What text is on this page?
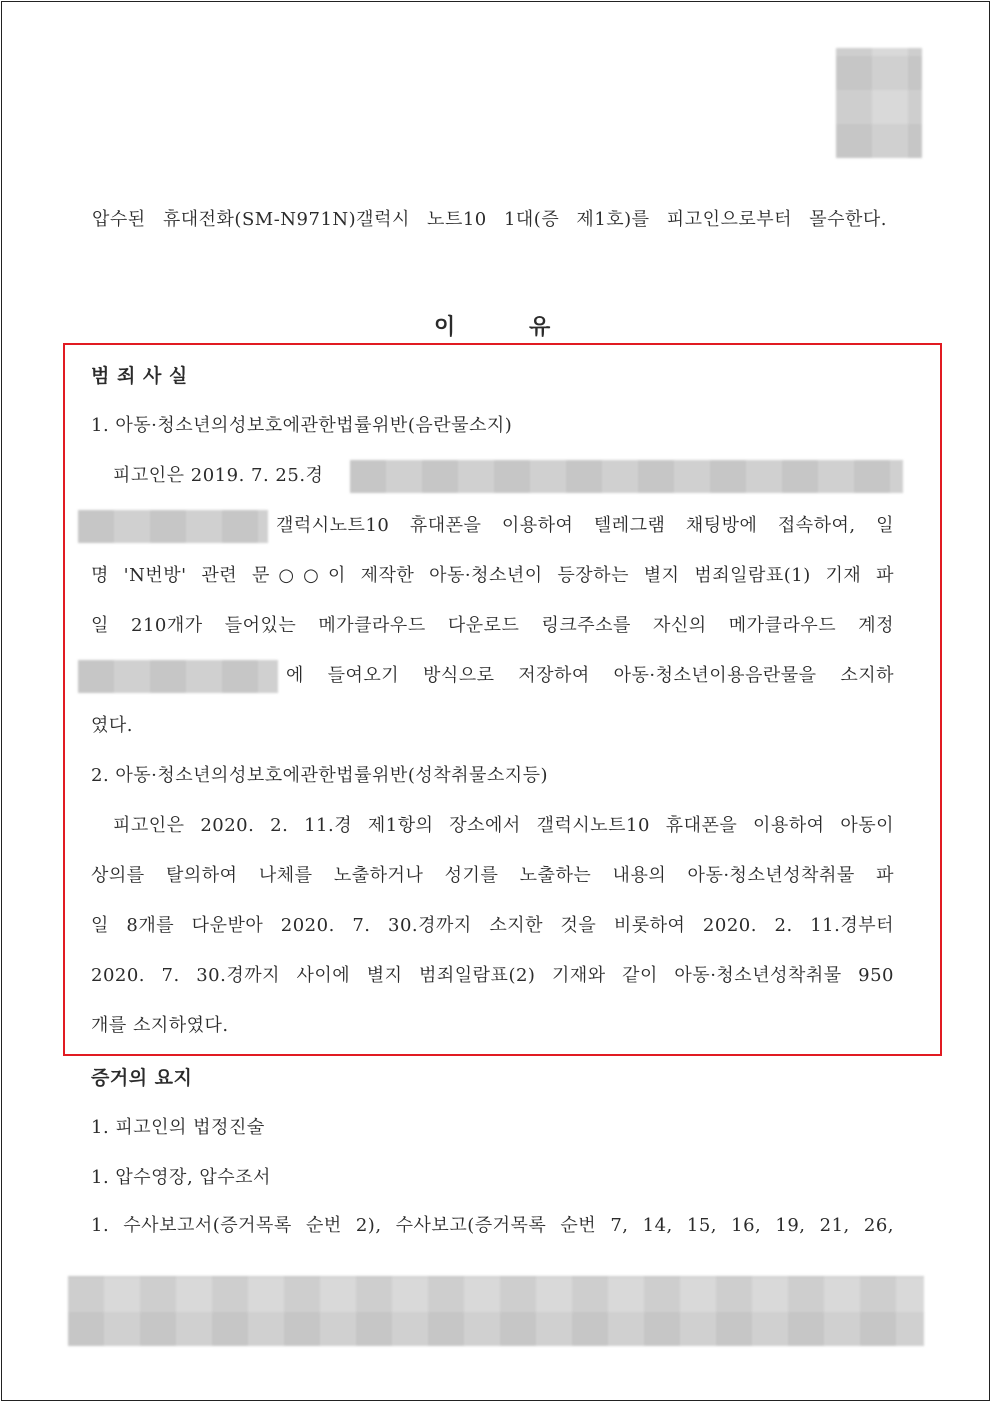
압수된 휴대전화(SM-N971N)갤럭시 노트10 1대(증 제1호)를 피고인으로부터 몰수한다.
이	유
범 죄 사 실
1. 아동·청소년의성보호에관한법률위반(음란물소지)
피고인은 2019. 7. 25.경
갤럭시노트10 휴대폰을 이용하여 텔레그램 채팅방에 접속하여, 일
명 'N번방' 관련 문○○이 제작한 아동·청소년이 등장하는 별지 범죄일람표(1) 기재 파
일 210개가 들어있는 메가클라우드 다운로드 링크주소를 자신의 메가클라우드 계정
에 들여오기 방식으로 저장하여 아동·청소년이용음란물을 소지하
였다.
2. 아동·청소년의성보호에관한법률위반(성착취물소지등)
피고인은 2020. 2. 11.경 제1항의 장소에서 갤럭시노트10 휴대폰을 이용하여 아동이
상의를 탈의하여 나체를 노출하거나 성기를 노출하는 내용의 아동·청소년성착취물 파
일 8개를 다운받아 2020. 7. 30.경까지 소지한 것을 비롯하여 2020. 2. 11.경부터
2020. 7. 30.경까지 사이에 별지 범죄일람표(2) 기재와 같이 아동·청소년성착취물 950
개를 소지하였다.
증거의 요지
1. 피고인의 법정진술
1. 압수영장, 압수조서
1. 수사보고서(증거목록 순번 2), 수사보고(증거목록 순번 7, 14, 15, 16, 19, 21, 26,
